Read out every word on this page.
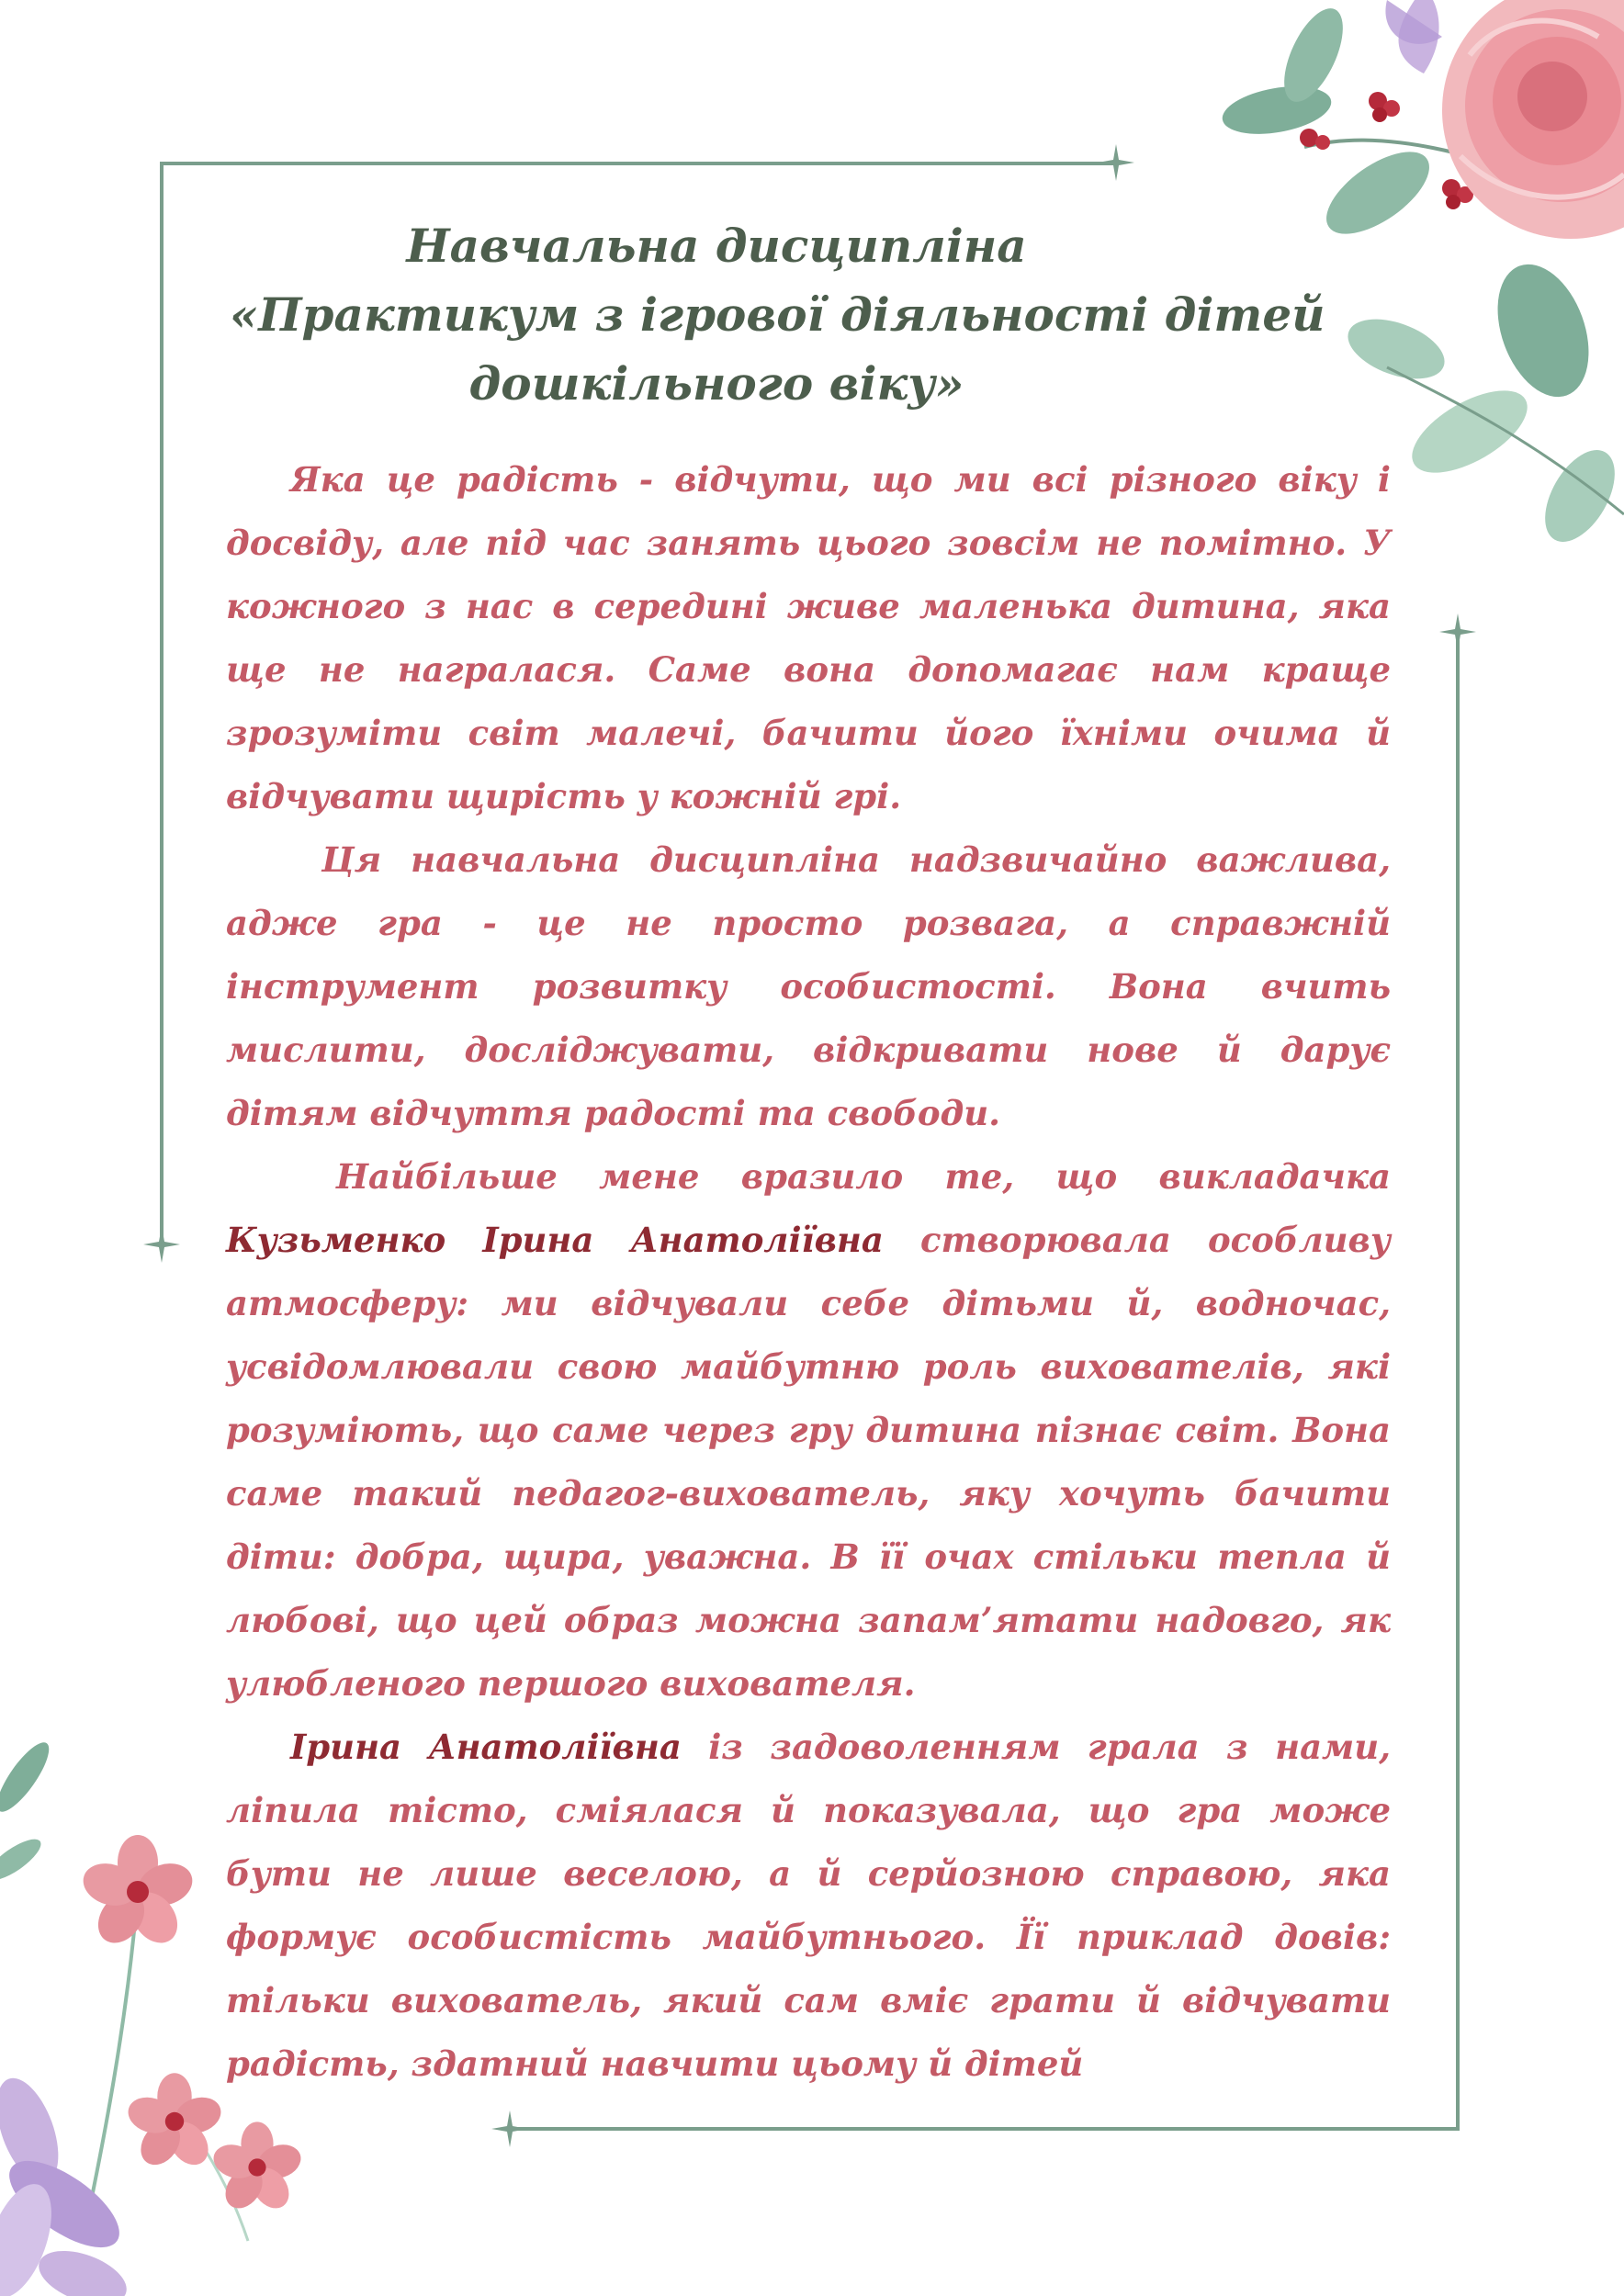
Навчальна дисципліна
«Практикум з ігрової діяльності дітей
дошкільного віку»

Яка це радість - відчути, що ми всі різного віку і досвіду, але під час занять цього зовсім не помітно. У кожного з нас в середині живе маленька дитина, яка ще не награлася. Саме вона допомагає нам краще зрозуміти світ малечі, бачити його їхніми очима й відчувати щирість у кожній грі.

Ця навчальна дисципліна надзвичайно важлива, адже гра - це не просто розвага, а справжній інструмент розвитку особистості. Вона вчить мислити, досліджувати, відкривати нове й дарує дітям відчуття радості та свободи.

Найбільше мене вразило те, що викладачка Кузьменко Ірина Анатоліївна створювала особливу атмосферу: ми відчували себе дітьми й, водночас, усвідомлювали свою майбутню роль вихователів, які розуміють, що саме через гру дитина пізнає світ. Вона саме такий педагог-вихователь, яку хочуть бачити діти: добра, щира, уважна. В її очах стільки тепла й любові, що цей образ можна запам’ятати надовго, як улюбленого першого вихователя.

Ірина Анатоліївна із задоволенням грала з нами, ліпила тісто, сміялася й показувала, що гра може бути не лише веселою, а й серйозною справою, яка формує особистість майбутнього. Її приклад довів: тільки вихователь, який сам вміє грати й відчувати радість, здатний навчити цьому й дітей
